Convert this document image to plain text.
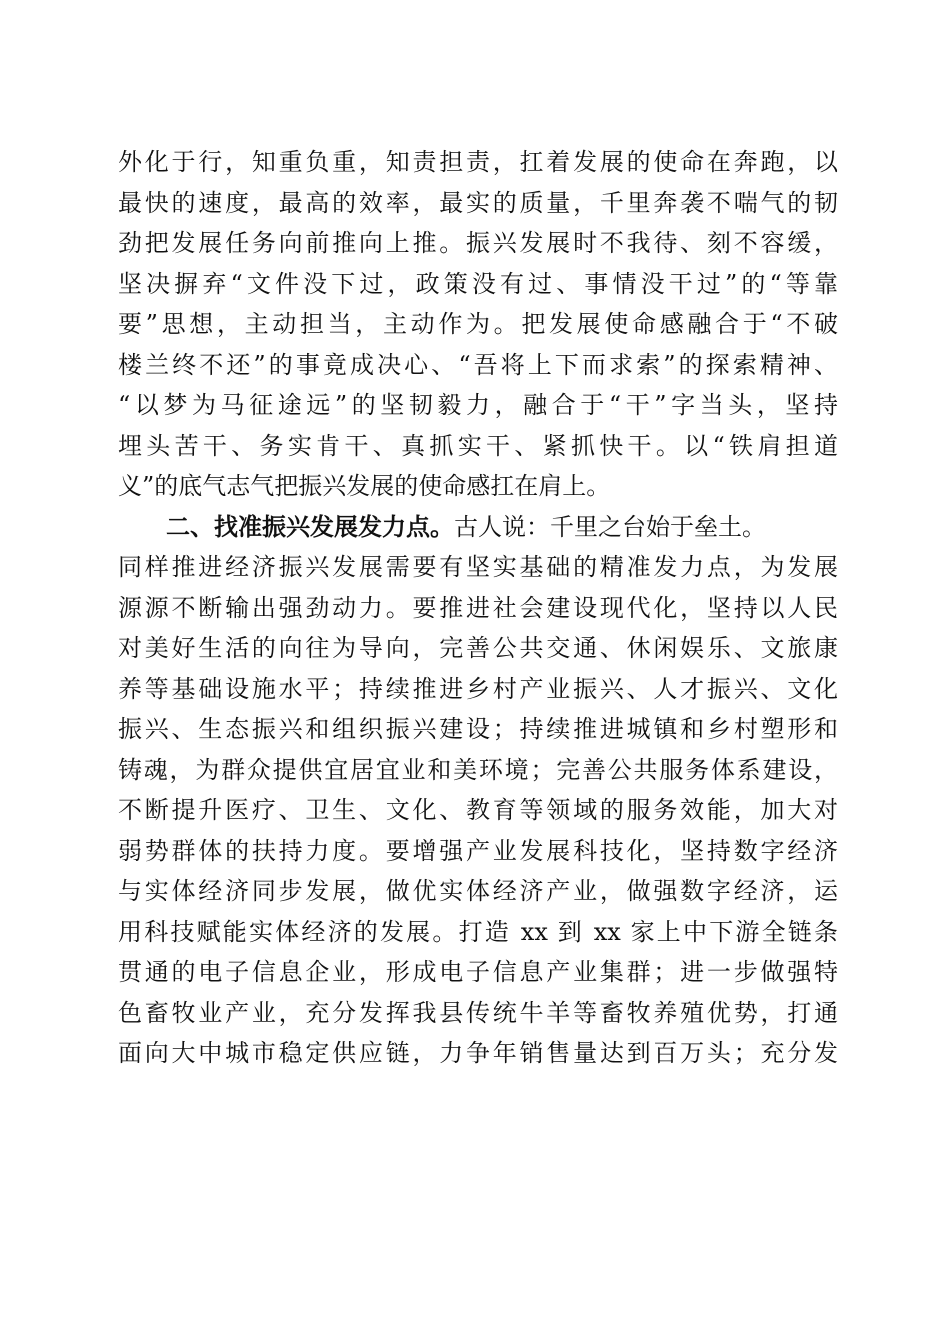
外化于行，知重负重，知责担责，扛着发展的使命在奔跑，以
最快的速度，最高的效率，最实的质量，千里奔袭不喘气的韧
劲把发展任务向前推向上推。振兴发展时不我待、刻不容缓，
坚决摒弃“文件没下过，政策没有过、事情没干过”的“等靠
要”思想，主动担当，主动作为。把发展使命感融合于“不破
楼兰终不还”的事竟成决心、“吾将上下而求索”的探索精神、
“以梦为马征途远”的坚韧毅力，融合于“干”字当头，坚持
埋头苦干、务实肯干、真抓实干、紧抓快干。以“铁肩担道
义”的底气志气把振兴发展的使命感扛在肩上。
二、找准振兴发展发力点。古人说：千里之台始于垒土。
同样推进经济振兴发展需要有坚实基础的精准发力点，为发展
源源不断输出强劲动力。要推进社会建设现代化，坚持以人民
对美好生活的向往为导向，完善公共交通、休闲娱乐、文旅康
养等基础设施水平；持续推进乡村产业振兴、人才振兴、文化
振兴、生态振兴和组织振兴建设；持续推进城镇和乡村塑形和
铸魂，为群众提供宜居宜业和美环境；完善公共服务体系建设，
不断提升医疗、卫生、文化、教育等领域的服务效能，加大对
弱势群体的扶持力度。要增强产业发展科技化，坚持数字经济
与实体经济同步发展，做优实体经济产业，做强数字经济，运
用科技赋能实体经济的发展。打造 xx 到 xx 家上中下游全链条
贯通的电子信息企业，形成电子信息产业集群；进一步做强特
色畜牧业产业，充分发挥我县传统牛羊等畜牧养殖优势，打通
面向大中城市稳定供应链，力争年销售量达到百万头；充分发
